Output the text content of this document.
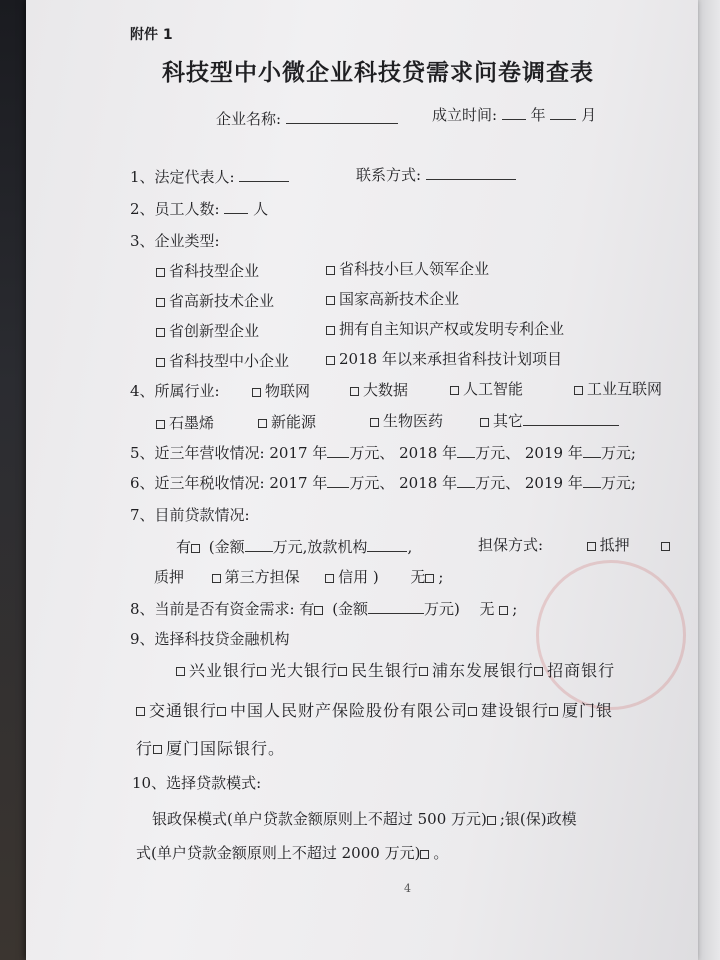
附件 1
科技型中小微企业科技贷需求问卷调查表
企业名称:	成立时间: 年 月
1、法定代表人:	联系方式:
2、员工人数: 人
3、企业类型:
省科技型企业	省科技小巨人领军企业
省高新技术企业	国家高新技术企业
省创新型企业	拥有自主知识产权或发明专利企业
省科技型中小企业	2018 年以来承担省科技计划项目
4、所属行业:	物联网	大数据	人工智能	工业互联网
石墨烯	新能源	生物医药	其它
5、近三年营收情况: 2017 年 万元、 2018 年 万元、 2019 年 万元;
6、近三年税收情况: 2017 年 万元、 2018 年 万元、 2019 年 万元;
7、目前贷款情况:
有 (金额 万元,放款机构	,	担保方式:	抵押
质押	第三方担保	信用 ) 无 ;
8、当前是否有资金需求: 有 (金额	万元) 无 ;
9、选择科技贷金融机构
兴业银行 光大银行 民生银行 浦东发展银行 招商银行
交通银行 中国人民财产保险股份有限公司 建设银行 厦门银
行 厦门国际银行。
10、选择贷款模式:
银政保模式(单户贷款金额原则上不超过 500 万元) ;银(保)政模
式(单户贷款金额原则上不超过 2000 万元) 。
4
